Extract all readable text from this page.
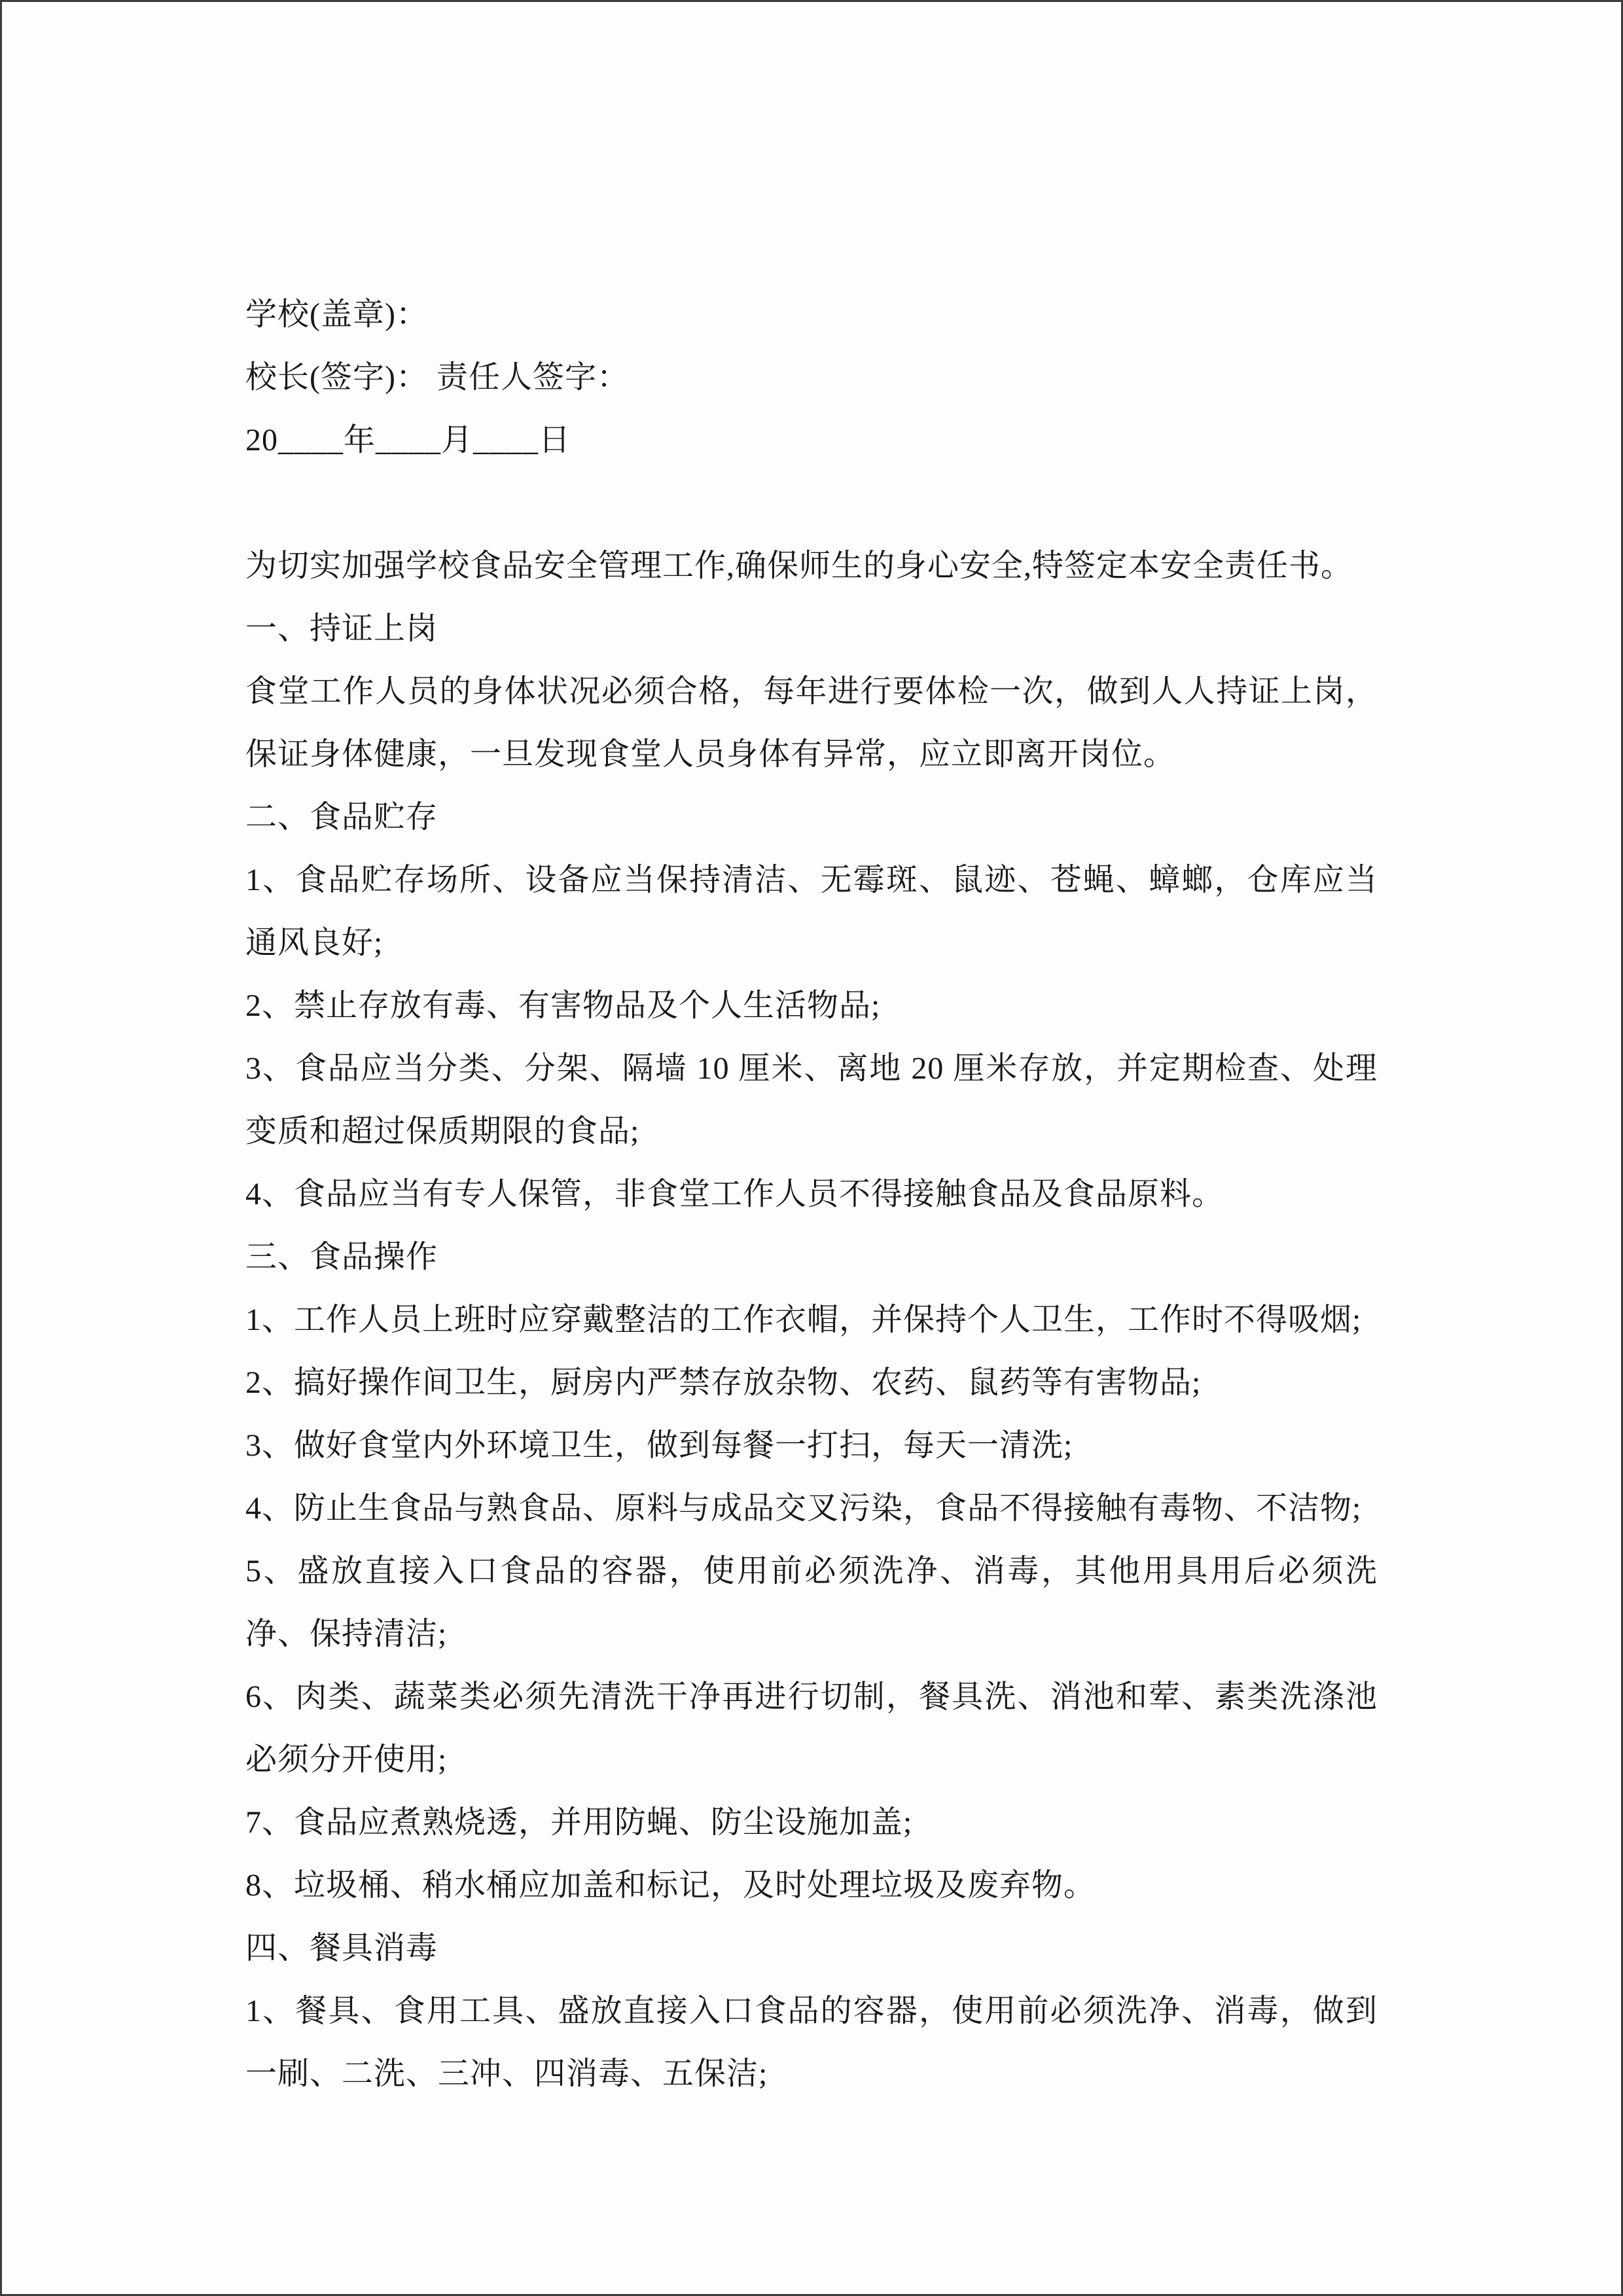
学校(盖章)：

校长(签字)： 责任人签字：

20____年____月____日

为切实加强学校食品安全管理工作,确保师生的身心安全,特签定本安全责任书。

一、持证上岗

食堂工作人员的身体状况必须合格，每年进行要体检一次，做到人人持证上岗，保证身体健康，一旦发现食堂人员身体有异常，应立即离开岗位。

二、食品贮存

1、食品贮存场所、设备应当保持清洁、无霉斑、鼠迹、苍蝇、蟑螂，仓库应当通风良好;

2、禁止存放有毒、有害物品及个人生活物品;

3、食品应当分类、分架、隔墙 10 厘米、离地 20 厘米存放，并定期检查、处理变质和超过保质期限的食品;

4、食品应当有专人保管，非食堂工作人员不得接触食品及食品原料。

三、食品操作

1、工作人员上班时应穿戴整洁的工作衣帽，并保持个人卫生，工作时不得吸烟;

2、搞好操作间卫生，厨房内严禁存放杂物、农药、鼠药等有害物品;

3、做好食堂内外环境卫生，做到每餐一打扫，每天一清洗;

4、防止生食品与熟食品、原料与成品交叉污染，食品不得接触有毒物、不洁物;

5、盛放直接入口食品的容器，使用前必须洗净、消毒，其他用具用后必须洗净、保持清洁;

6、肉类、蔬菜类必须先清洗干净再进行切制，餐具洗、消池和荤、素类洗涤池必须分开使用;

7、食品应煮熟烧透，并用防蝇、防尘设施加盖;

8、垃圾桶、稍水桶应加盖和标记，及时处理垃圾及废弃物。

四、餐具消毒

1、餐具、食用工具、盛放直接入口食品的容器，使用前必须洗净、消毒，做到一刷、二洗、三冲、四消毒、五保洁;
